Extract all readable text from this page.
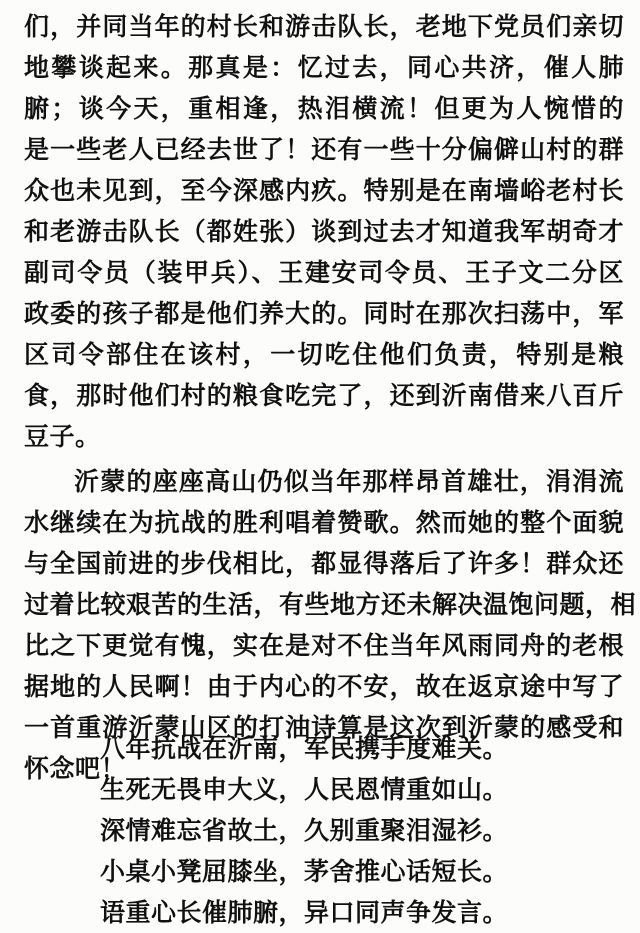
们，并同当年的村长和游击队长，老地下党员们亲切
地攀谈起来。那真是：忆过去，同心共济，催人肺
腑；谈今天，重相逢，热泪横流！但更为人惋惜的
是一些老人已经去世了！还有一些十分偏僻山村的群
众也未见到，至今深感内疚。特别是在南墙峪老村长
和老游击队长（都姓张）谈到过去才知道我军胡奇才
副司令员（装甲兵）、王建安司令员、王子文二分区
政委的孩子都是他们养大的。同时在那次扫荡中，军
区司令部住在该村，一切吃住他们负责，特别是粮
食，那时他们村的粮食吃完了，还到沂南借来八百斤
豆子。
沂蒙的座座高山仍似当年那样昂首雄壮，涓涓流
水继续在为抗战的胜利唱着赞歌。然而她的整个面貌
与全国前进的步伐相比，都显得落后了许多！群众还
过着比较艰苦的生活，有些地方还未解决温饱问题，相
比之下更觉有愧，实在是对不住当年风雨同舟的老根
据地的人民啊！由于内心的不安，故在返京途中写了
一首重游沂蒙山区的打油诗算是这次到沂蒙的感受和
怀念吧！
八年抗战在沂南，军民携手度难关。
生死无畏申大义，人民恩情重如山。
深情难忘省故土，久别重聚泪湿衫。
小桌小凳屈膝坐，茅舍推心话短长。
语重心长催肺腑，异口同声争发言。
